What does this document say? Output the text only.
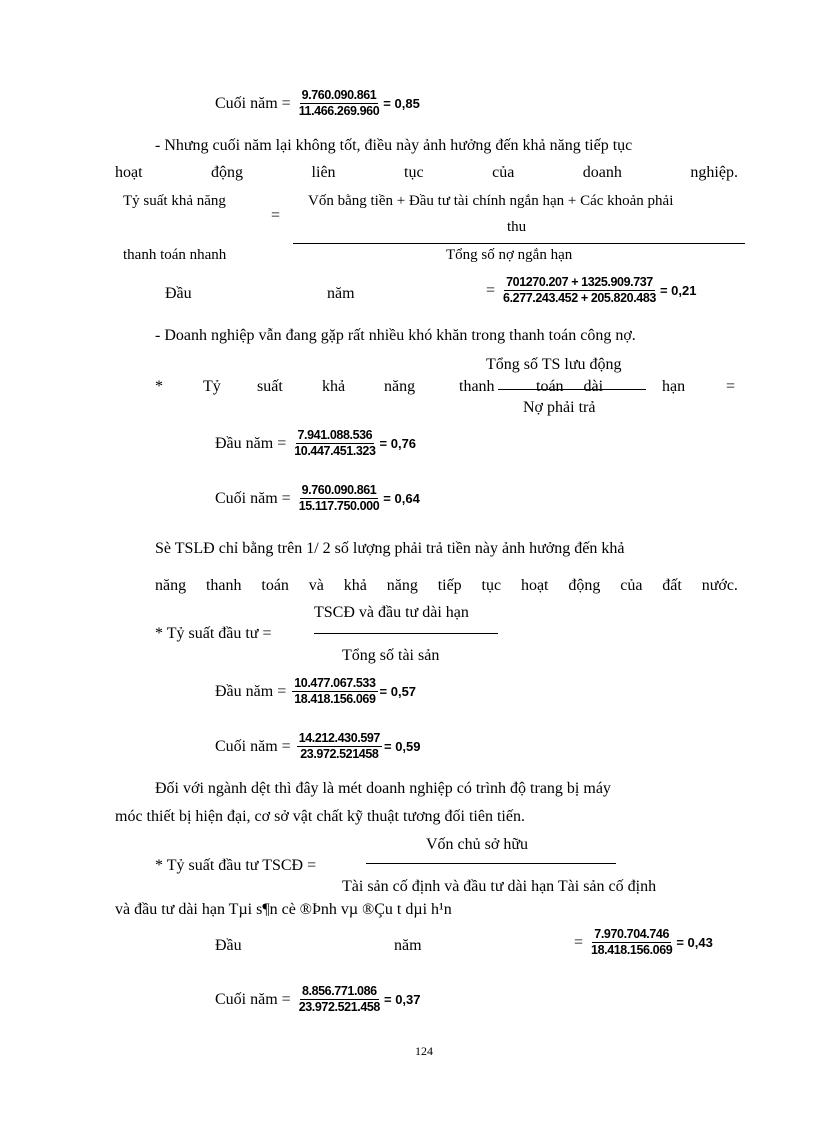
Cuối năm = $\frac{9.760.090.861}{11.466.269.960} = 0,85$
- Nhưng cuối năm lại không tốt, điều này ảnh hưởng đến khả năng tiếp tục
hoạt	động	liên	tục	của	doanh	nghiệp.
Tỷ suất khả năng
=
Vốn bằng tiền + Đầu tư tài chính ngắn hạn + Các khoản phải
thu
thanh toán nhanh	Tổng số nợ ngắn hạn
Đầu	năm	= $\frac{701270.207 + 1325.909.737}{6.277.243.452 + 205.820.483} = 0,21$
- Doanh nghiệp vẫn đang gặp rất nhiều khó khăn trong thanh toán công nợ.
Tổng số TS lưu động
*	Tỷ suất khả năng	thanh	toán dài	hạn	=
Nợ phải trả
Đầu năm = $\frac{7.941.088.536}{10.447.451.323} = 0,76$
Cuối năm = $\frac{9.760.090.861}{15.117.750.000} = 0,64$
Sè TSLĐ chỉ bằng trên 1/ 2 số lượng phải trả tiền này ảnh hưởng đến khả
năng thanh toán và khả năng tiếp tục hoạt động của đất nước.
TSCĐ và đầu tư dài hạn
* Tỷ suất đầu tư =
Tổng số tài sản
Đầu năm = $\frac{10.477.067.533}{18.418.156.069} = 0,57$
Cuối năm = $\frac{14.212.430.597}{23.972.521458} = 0,59$
Đối với ngành dệt thì đây là mét doanh nghiệp có trình độ trang bị máy
móc thiết bị hiện đại, cơ sở vật chất kỹ thuật tương đối tiên tiến.
Vốn chủ sở hữu
* Tỷ suất đầu tư TSCĐ =
Tài sản cố định và đầu tư dài hạn Tài sản cố định
và đầu tư dài hạn Tµi s¶n cè ®Þnh vµ ®Çu t dµi h¹n
Đầu	năm	= $\frac{7.970.704.746}{18.418.156.069} = 0,43$
Cuối năm = $\frac{8.856.771.086}{23.972.521.458} = 0,37$
124
